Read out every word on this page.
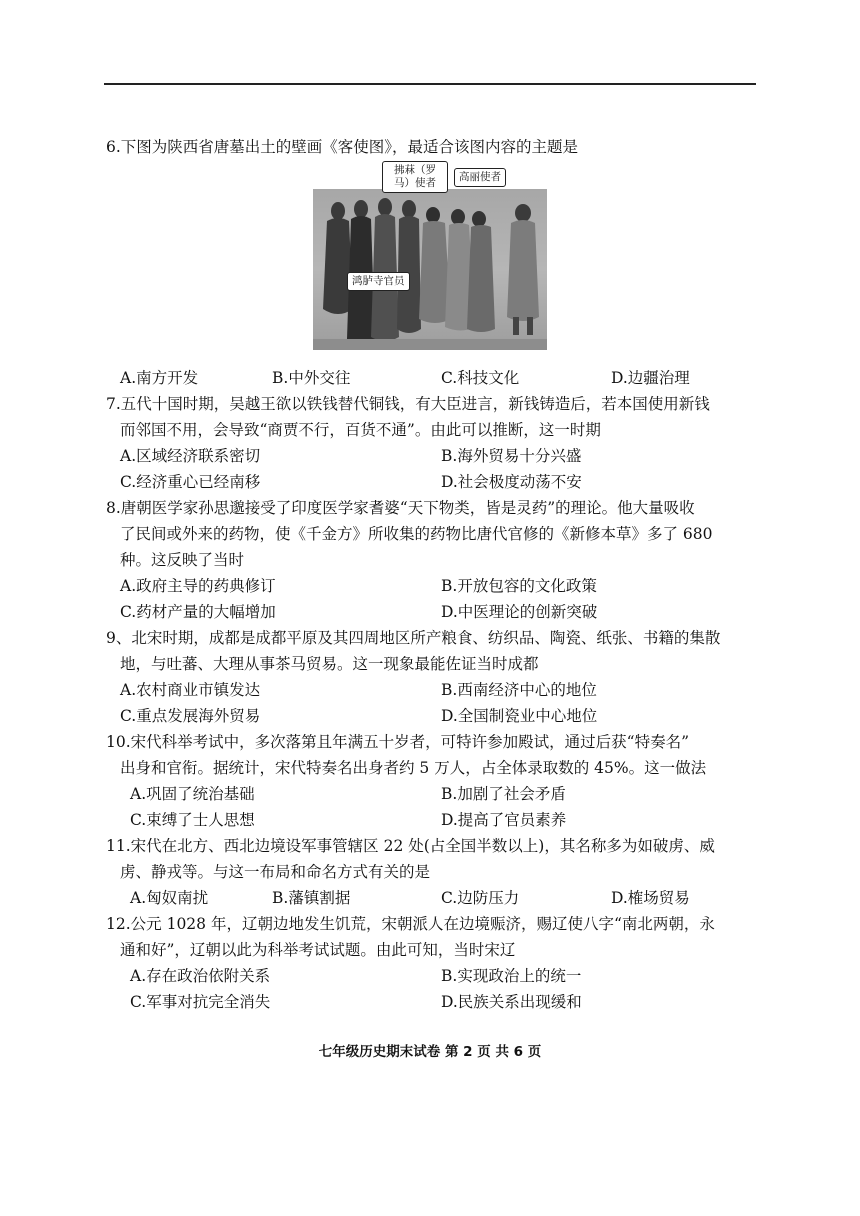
6.下图为陕西省唐墓出土的壁画《客使图》，最适合该图内容的主题是
拂菻（罗马）使者	高丽使者
鸿胪寺官员
A.南方开发	B.中外交往	C.科技文化	D.边疆治理
7.五代十国时期，吴越王欲以铁钱替代铜钱，有大臣进言，新钱铸造后，若本国使用新钱
而邻国不用，会导致“商贾不行，百货不通”。由此可以推断，这一时期
A.区域经济联系密切	B.海外贸易十分兴盛
C.经济重心已经南移	D.社会极度动荡不安
8.唐朝医学家孙思邈接受了印度医学家耆婆“天下物类，皆是灵药”的理论。他大量吸收
了民间或外来的药物，使《千金方》所收集的药物比唐代官修的《新修本草》多了 680
种。这反映了当时
A.政府主导的药典修订	B.开放包容的文化政策
C.药材产量的大幅增加	D.中医理论的创新突破
9、北宋时期，成都是成都平原及其四周地区所产粮食、纺织品、陶瓷、纸张、书籍的集散
地，与吐蕃、大理从事茶马贸易。这一现象最能佐证当时成都
A.农村商业市镇发达	B.西南经济中心的地位
C.重点发展海外贸易	D.全国制瓷业中心地位
10.宋代科举考试中，多次落第且年满五十岁者，可特许参加殿试，通过后获“特奏名”
出身和官衔。据统计，宋代特奏名出身者约 5 万人，占全体录取数的 45%。这一做法
A.巩固了统治基础	B.加剧了社会矛盾
C.束缚了士人思想	D.提高了官员素养
11.宋代在北方、西北边境设军事管辖区 22 处(占全国半数以上)，其名称多为如破虏、威
虏、静戎等。与这一布局和命名方式有关的是
A.匈奴南扰	B.藩镇割据	C.边防压力	D.榷场贸易
12.公元 1028 年，辽朝边地发生饥荒，宋朝派人在边境赈济，赐辽使八字“南北两朝，永
通和好”，辽朝以此为科举考试试题。由此可知，当时宋辽
A.存在政治依附关系	B.实现政治上的统一
C.军事对抗完全消失	D.民族关系出现缓和
七年级历史期末试卷 第 2 页 共 6 页
